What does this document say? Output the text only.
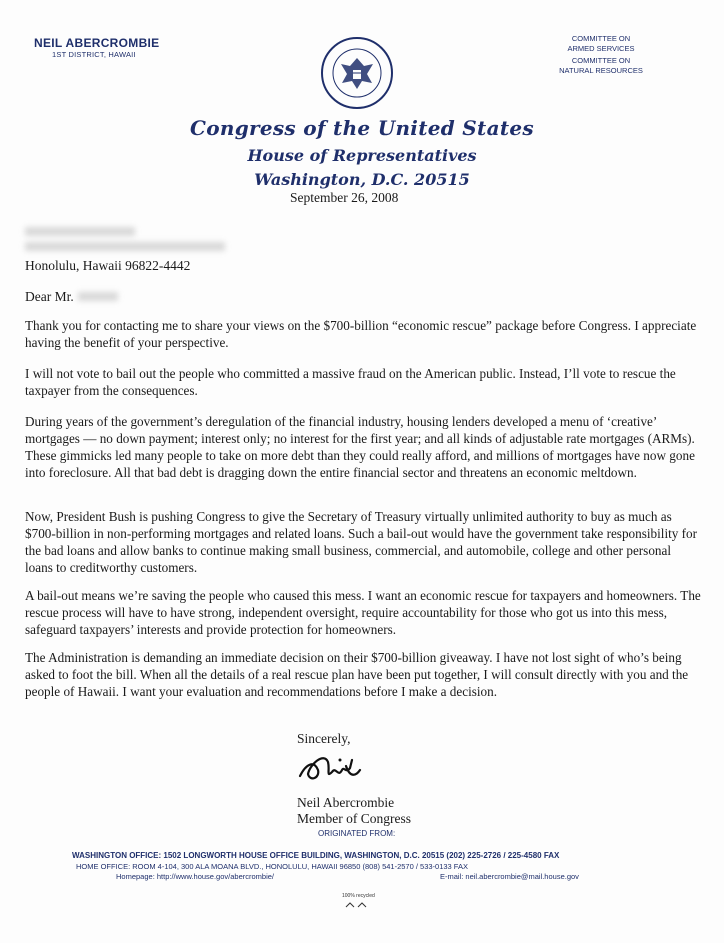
NEIL ABERCROMBIE
1ST DISTRICT, HAWAII
COMMITTEE ON
ARMED SERVICES
COMMITTEE ON
NATURAL RESOURCES
Congress of the United States
House of Representatives
Washington, D.C. 20515
September 26, 2008
Honolulu, Hawaii 96822-4442
Dear Mr.

Thank you for contacting me to share your views on the $700-billion “economic rescue” package before Congress. I appreciate having the benefit of your perspective.

I will not vote to bail out the people who committed a massive fraud on the American public. Instead, I’ll vote to rescue the taxpayer from the consequences.

During years of the government’s deregulation of the financial industry, housing lenders developed a menu of ‘creative’ mortgages — no down payment; interest only; no interest for the first year; and all kinds of adjustable rate mortgages (ARMs). These gimmicks led many people to take on more debt than they could really afford, and millions of mortgages have now gone into foreclosure. All that bad debt is dragging down the entire financial sector and threatens an economic meltdown.

Now, President Bush is pushing Congress to give the Secretary of Treasury virtually unlimited authority to buy as much as $700-billion in non-performing mortgages and related loans. Such a bail-out would have the government take responsibility for the bad loans and allow banks to continue making small business, commercial, and automobile, college and other personal loans to creditworthy customers.

A bail-out means we’re saving the people who caused this mess. I want an economic rescue for taxpayers and homeowners. The rescue process will have to have strong, independent oversight, require accountability for those who got us into this mess, safeguard taxpayers’ interests and provide protection for homeowners.

The Administration is demanding an immediate decision on their $700-billion giveaway. I have not lost sight of who’s being asked to foot the bill. When all the details of a real rescue plan have been put together, I will consult directly with you and the people of Hawaii. I want your evaluation and recommendations before I make a decision.

Sincerely,
Neil Abercrombie
Member of Congress
ORIGINATED FROM:
WASHINGTON OFFICE: 1502 LONGWORTH HOUSE OFFICE BUILDING, WASHINGTON, D.C. 20515 (202) 225-2726 / 225-4580 FAX
HOME OFFICE: ROOM 4-104, 300 ALA MOANA BLVD., HONOLULU, HAWAII 96850 (808) 541-2570 / 533-0133 FAX
Homepage: http://www.house.gov/abercrombie/	E-mail: neil.abercrombie@mail.house.gov
100% recycled
